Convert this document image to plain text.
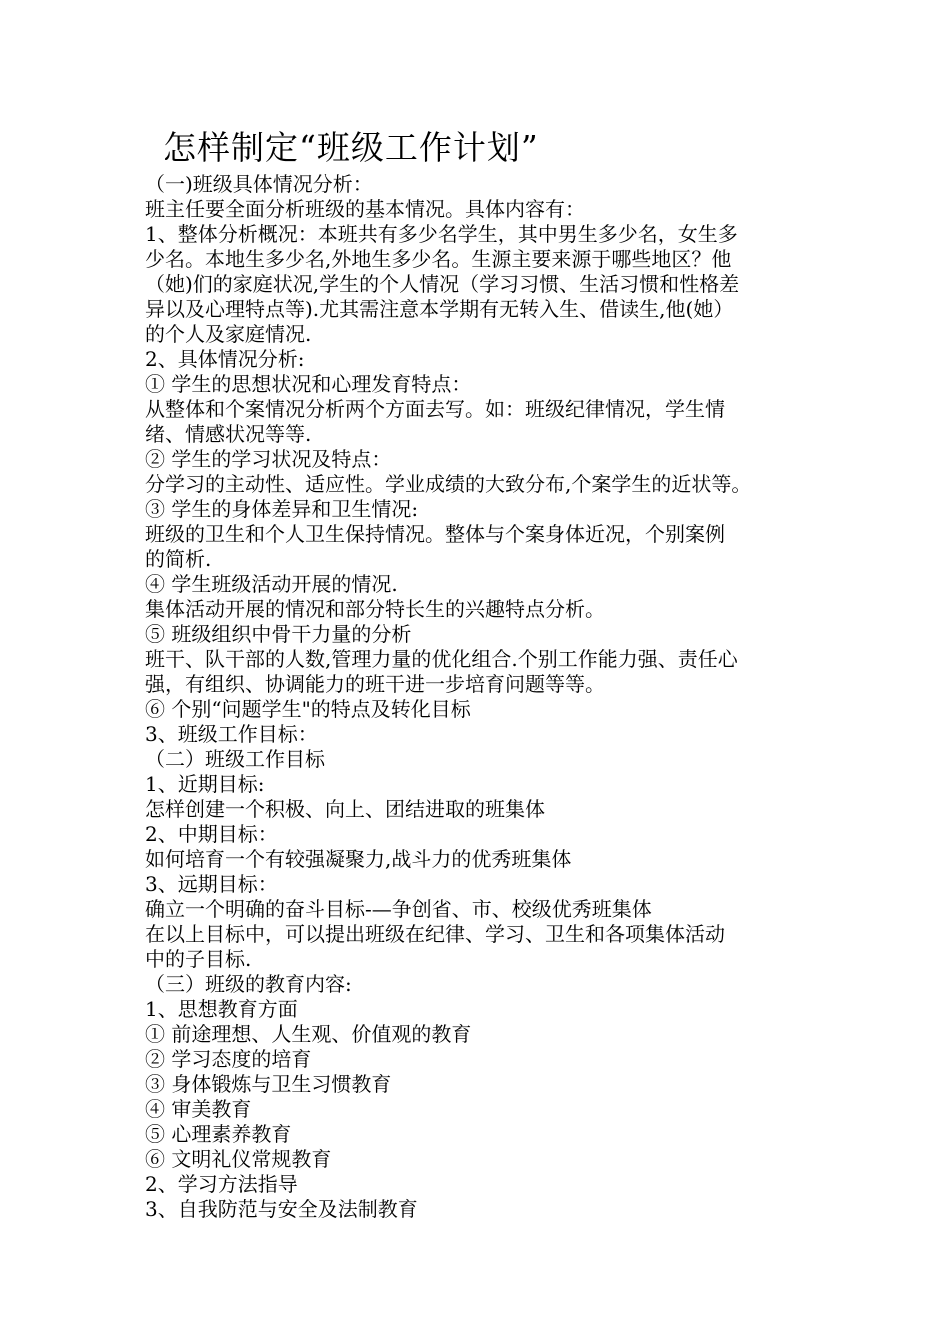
怎样制定“班级工作计划”

（一)班级具体情况分析：

班主任要全面分析班级的基本情况。具体内容有：

1、整体分析概况：本班共有多少名学生，其中男生多少名，女生多

少名。本地生多少名,外地生多少名。生源主要来源于哪些地区？他

（她)们的家庭状况,学生的个人情况（学习习惯、生活习惯和性格差

异以及心理特点等).尤其需注意本学期有无转入生、借读生,他(她）

的个人及家庭情况.

2、具体情况分析:

① 学生的思想状况和心理发育特点：

从整体和个案情况分析两个方面去写。如：班级纪律情况，学生情

绪、情感状况等等.

② 学生的学习状况及特点：

分学习的主动性、适应性。学业成绩的大致分布,个案学生的近状等。

③ 学生的身体差异和卫生情况:

班级的卫生和个人卫生保持情况。整体与个案身体近况，个别案例

的简析.

④ 学生班级活动开展的情况.

集体活动开展的情况和部分特长生的兴趣特点分析。

⑤ 班级组织中骨干力量的分析

班干、队干部的人数,管理力量的优化组合.个别工作能力强、责任心

强，有组织、协调能力的班干进一步培育问题等等。

⑥ 个别“问题学生"的特点及转化目标

3、班级工作目标：

（二）班级工作目标

1、近期目标:

怎样创建一个积极、向上、团结进取的班集体

2、中期目标：

如何培育一个有较强凝聚力,战斗力的优秀班集体

3、远期目标：

确立一个明确的奋斗目标-—争创省、市、校级优秀班集体

在以上目标中，可以提出班级在纪律、学习、卫生和各项集体活动

中的子目标.

（三）班级的教育内容:

1、思想教育方面

① 前途理想、人生观、价值观的教育

② 学习态度的培育

③ 身体锻炼与卫生习惯教育

④ 审美教育

⑤ 心理素养教育

⑥ 文明礼仪常规教育

2、学习方法指导

3、自我防范与安全及法制教育
